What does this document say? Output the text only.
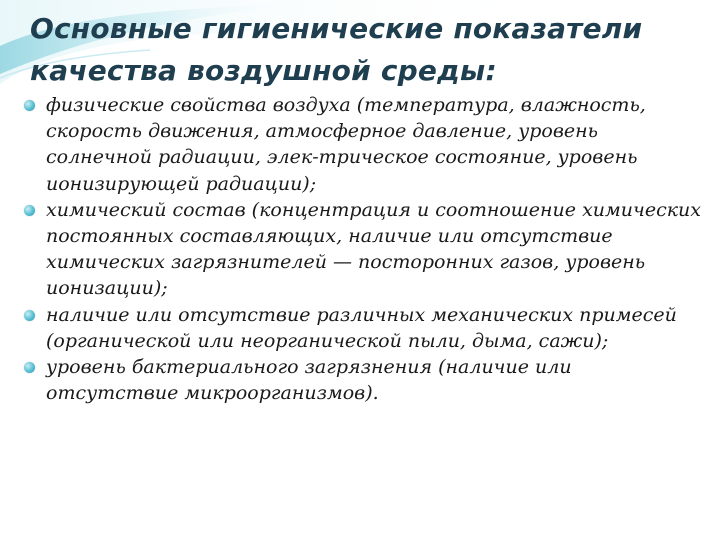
Основные гигиенические показатели качества воздушной среды:
физические свойства воздуха (температура, влажность, скорость движения, атмосферное давление, уровень солнечной радиации, элек-трическое состояние, уровень ионизирующей радиации);
химический состав (концентрация и соотношение химических постоянных составляющих, наличие или отсутствие химических загрязнителей — посторонних газов, уровень ионизации);
наличие или отсутствие различных механических примесей (органической или неорганической пыли, дыма, сажи);
уровень бактериального загрязнения (наличие или отсутствие микроорганизмов).
